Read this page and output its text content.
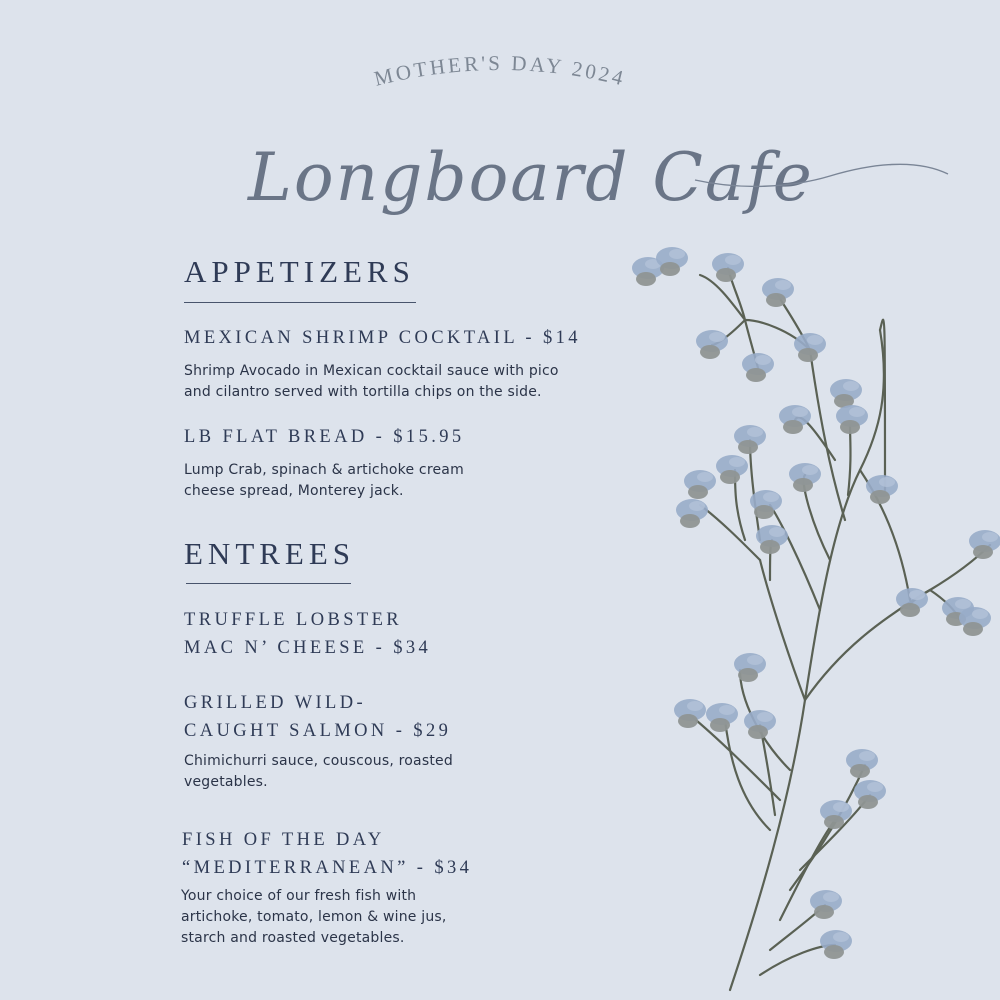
MOTHER'S DAY 2024
Longboard Cafe
APPETIZERS

MEXICAN SHRIMP COCKTAIL - $14

Shrimp Avocado in Mexican cocktail sauce with pico
and cilantro served with tortilla chips on the side.

LB FLAT BREAD - $15.95

Lump Crab, spinach & artichoke cream
cheese spread, Monterey jack.

ENTREES

TRUFFLE LOBSTER
MAC N’ CHEESE - $34

GRILLED WILD-
CAUGHT SALMON - $29

Chimichurri sauce, couscous, roasted
vegetables.

FISH OF THE DAY
“MEDITERRANEAN” - $34

Your choice of our fresh fish with
artichoke, tomato, lemon & wine jus,
starch and roasted vegetables.
